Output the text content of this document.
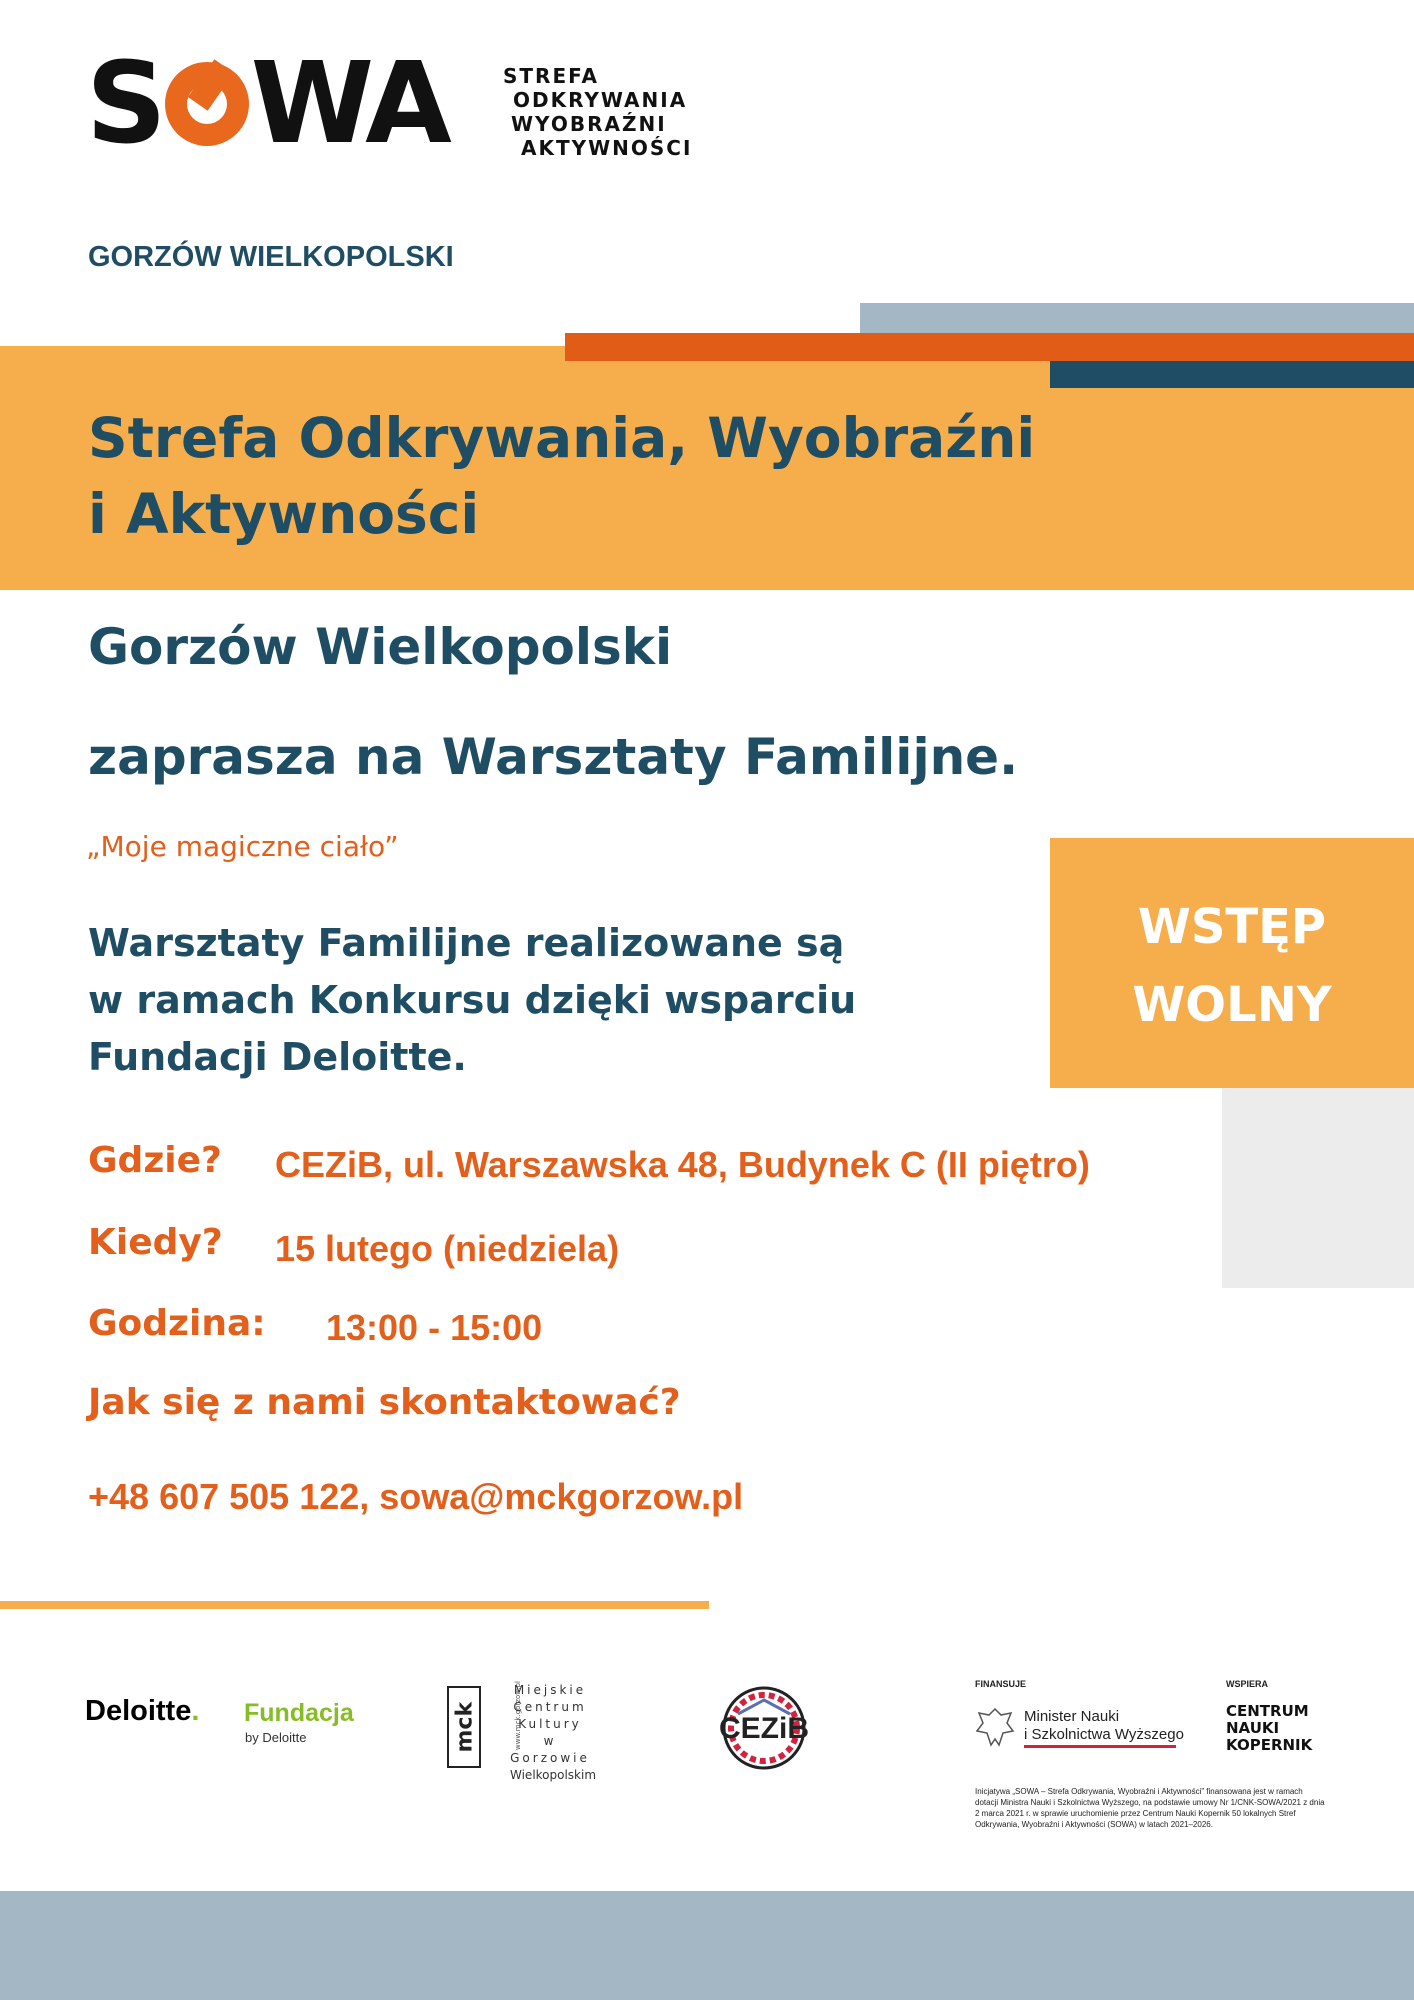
S WA	STREFA
ODKRYWANIA
WYOBRAŹNI
AKTYWNOŚCI
GORZÓW WIELKOPOLSKI
Strefa Odkrywania, Wyobraźni
i Aktywności
Gorzów Wielkopolski
zaprasza na Warsztaty Familijne.
„Moje magiczne ciało”
WSTĘP
WOLNY
Warsztaty Familijne realizowane są
w ramach Konkursu dzięki wsparciu
Fundacji Deloitte.
Gdzie? CEZiB, ul. Warszawska 48, Budynek C (II piętro)
Kiedy? 15 lutego (niedziela)
Godzina: 13:00 - 15:00
Jak się z nami skontaktować?
+48 607 505 122, sowa@mckgorzow.pl
Deloitte. Fundacja
by Deloitte	mck	www.mck.gorzow.pl
Miejskie
Centrum
Kultury
w Gorzowie
Wielkopolskim
CEZiB
FINANSUJE
Minister Nauki
i Szkolnictwa Wyższego
WSPIERA
CENTRUM
NAUKI
KOPERNIK
Inicjatywa „SOWA – Strefa Odkrywania, Wyobraźni i Aktywności” finansowana jest w ramach dotacji Ministra Nauki i Szkolnictwa Wyższego, na podstawie umowy Nr 1/CNK-SOWA/2021 z dnia 2 marca 2021 r. w sprawie uruchomienie przez Centrum Nauki Kopernik 50 lokalnych Stref Odkrywania, Wyobraźni i Aktywności (SOWA) w latach 2021–2026.
